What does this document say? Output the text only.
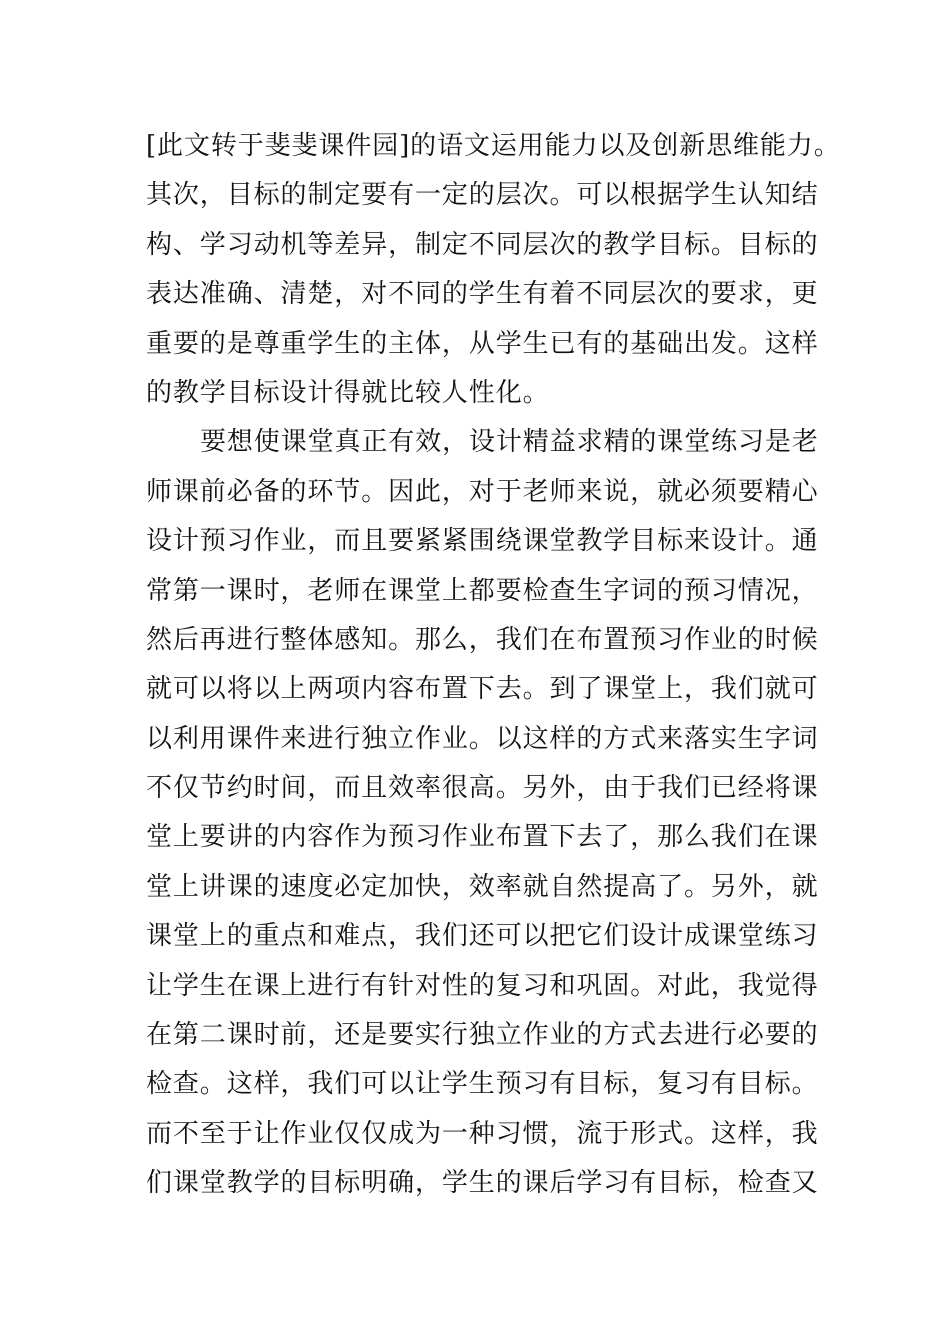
[此文转于斐斐课件园]的语文运用能力以及创新思维能力。
其次，目标的制定要有一定的层次。可以根据学生认知结
构、学习动机等差异，制定不同层次的教学目标。目标的
表达准确、清楚，对不同的学生有着不同层次的要求，更
重要的是尊重学生的主体，从学生已有的基础出发。这样
的教学目标设计得就比较人性化。
要想使课堂真正有效，设计精益求精的课堂练习是老
师课前必备的环节。因此，对于老师来说，就必须要精心
设计预习作业，而且要紧紧围绕课堂教学目标来设计。通
常第一课时，老师在课堂上都要检查生字词的预习情况，
然后再进行整体感知。那么，我们在布置预习作业的时候
就可以将以上两项内容布置下去。到了课堂上，我们就可
以利用课件来进行独立作业。以这样的方式来落实生字词
不仅节约时间，而且效率很高。另外，由于我们已经将课
堂上要讲的内容作为预习作业布置下去了，那么我们在课
堂上讲课的速度必定加快，效率就自然提高了。另外，就
课堂上的重点和难点，我们还可以把它们设计成课堂练习
让学生在课上进行有针对性的复习和巩固。对此，我觉得
在第二课时前，还是要实行独立作业的方式去进行必要的
检查。这样，我们可以让学生预习有目标，复习有目标。
而不至于让作业仅仅成为一种习惯，流于形式。这样，我
们课堂教学的目标明确，学生的课后学习有目标，检查又
